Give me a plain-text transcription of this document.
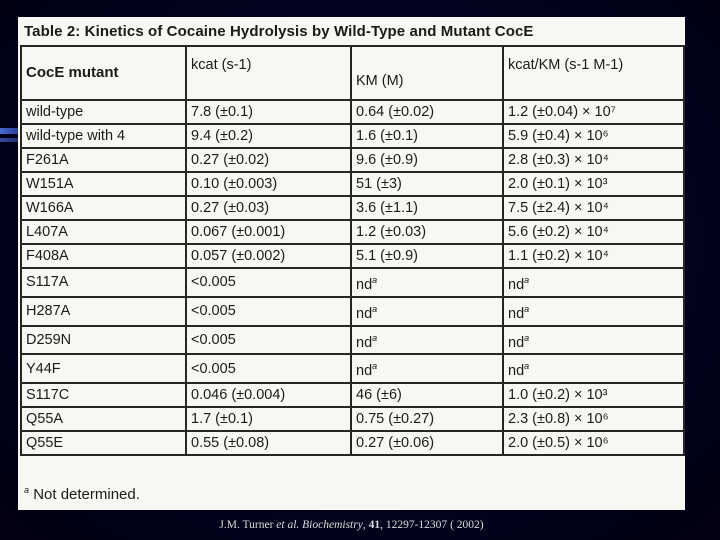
Table 2: Kinetics of Cocaine Hydrolysis by Wild-Type and Mutant CocE
CocE mutant	kcat (s-1)	KM (M)	kcat/KM (s-1 M-1)
wild-type	7.8 (±0.1)	0.64 (±0.02)	1.2 (±0.04) × 10⁷
wild-type with 4	9.4 (±0.2)	1.6 (±0.1)	5.9 (±0.4) × 10⁶
F261A	0.27 (±0.02)	9.6 (±0.9)	2.8 (±0.3) × 10⁴
W151A	0.10 (±0.003)	51 (±3)	2.0 (±0.1) × 10³
W166A	0.27 (±0.03)	3.6 (±1.1)	7.5 (±2.4) × 10⁴
L407A	0.067 (±0.001)	1.2 (±0.03)	5.6 (±0.2) × 10⁴
F408A	0.057 (±0.002)	5.1 (±0.9)	1.1 (±0.2) × 10⁴
S117A	<0.005	$nd^a$	$nd^a$
H287A	<0.005	$nd^a$	$nd^a$
D259N	<0.005	$nd^a$	$nd^a$
Y44F	<0.005	$nd^a$	$nd^a$
S117C	0.046 (±0.004)	46 (±6)	1.0 (±0.2) × 10³
Q55A	1.7 (±0.1)	0.75 (±0.27)	2.3 (±0.8) × 10⁶
Q55E	0.55 (±0.08)	0.27 (±0.06)	2.0 (±0.5) × 10⁶
$^a$ Not determined.
J.M. Turner et al. Biochemistry, 41, 12297-12307 ( 2002)
